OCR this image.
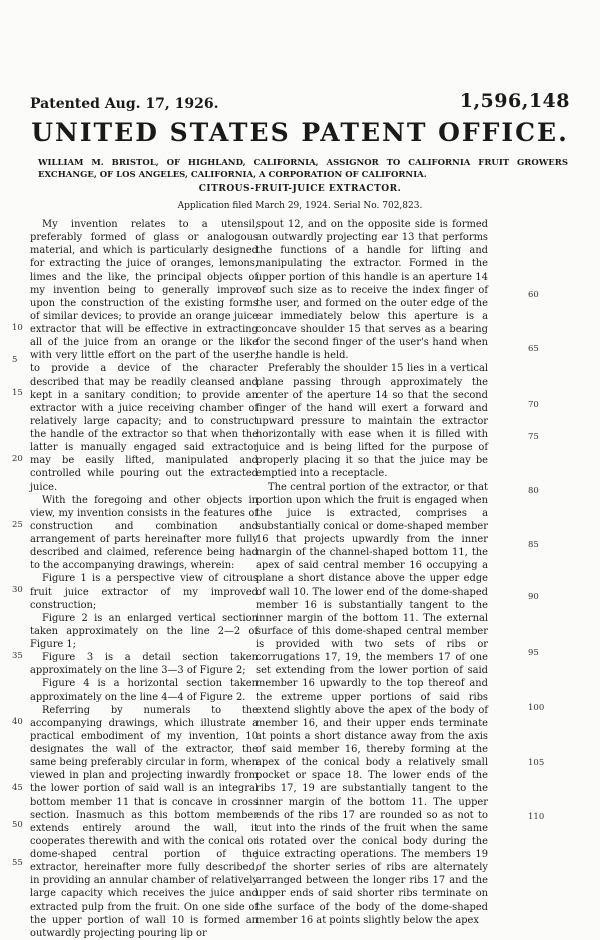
Patented Aug. 17, 1926.	1,596,148
UNITED STATES PATENT OFFICE.
WILLIAM M. BRISTOL, OF HIGHLAND, CALIFORNIA, ASSIGNOR TO CALIFORNIA FRUIT GROWERS EXCHANGE, OF LOS ANGELES, CALIFORNIA, A CORPORATION OF CALIFORNIA.
CITROUS-FRUIT-JUICE EXTRACTOR.
Application filed March 29, 1924. Serial No. 702,823.

My invention relates to a utensil, preferably formed of glass or analogous material, and which is particularly designed for extracting the juice of oranges, lemons, limes and the like, the principal objects of my invention being to generally improve upon the construction of the existing forms of similar devices; to provide an orange juice extractor that will be effective in extracting all of the juice from an orange or the like with very little effort on the part of the user; to provide a device of the character described that may be readily cleansed and kept in a sanitary condition; to provide an extractor with a juice receiving chamber of relatively large capacity; and to construct the handle of the extractor so that when the latter is manually engaged said extractor may be easily lifted, manipulated and controlled while pouring out the extracted juice.

With the foregoing and other objects in view, my invention consists in the features of construction and combination and arrangement of parts hereinafter more fully described and claimed, reference being had to the accompanying drawings, wherein:

Figure 1 is a perspective view of citrous fruit juice extractor of my improved construction;

Figure 2 is an enlarged vertical section taken approximately on the line 2—2 of Figure 1;

Figure 3 is a detail section taken approximately on the line 3—3 of Figure 2;

Figure 4 is a horizontal section taken approximately on the line 4—4 of Figure 2.

Referring by numerals to the accompanying drawings, which illustrate a practical embodiment of my invention, 10 designates the wall of the extractor, the same being preferably circular in form, when viewed in plan and projecting inwardly from the lower portion of said wall is an integral bottom member 11 that is concave in cross section. Inasmuch as this bottom member extends entirely around the wall, it cooperates therewith and with the conical or dome-shaped central portion of the extractor, hereinafter more fully described, in providing an annular chamber of relatively large capacity which receives the juice and extracted pulp from the fruit. On one side of the upper portion of wall 10 is formed an outwardly projecting pouring lip or

spout 12, and on the opposite side is formed an outwardly projecting ear 13 that performs the functions of a handle for lifting and manipulating the extractor. Formed in the upper portion of this handle is an aperture 14 of such size as to receive the index finger of the user, and formed on the outer edge of the ear immediately below this aperture is a concave shoulder 15 that serves as a bearing for the second finger of the user's hand when the handle is held.

Preferably the shoulder 15 lies in a vertical plane passing through approximately the center of the aperture 14 so that the second finger of the hand will exert a forward and upward pressure to maintain the extractor horizontally with ease when it is filled with juice and is being lifted for the purpose of properly placing it so that the juice may be emptied into a receptacle.

The central portion of the extractor, or that portion upon which the fruit is engaged when the juice is extracted, comprises a substantially conical or dome-shaped member 16 that projects upwardly from the inner margin of the channel-shaped bottom 11, the apex of said central member 16 occupying a plane a short distance above the upper edge of wall 10. The lower end of the dome-shaped member 16 is substantially tangent to the inner margin of the bottom 11. The external surface of this dome-shaped central member is provided with two sets of ribs or corrugations 17, 19, the members 17 of one set extending from the lower portion of said member 16 upwardly to the top thereof and the extreme upper portions of said ribs extend slightly above the apex of the body of member 16, and their upper ends terminate at points a short distance away from the axis of said member 16, thereby forming at the apex of the conical body a relatively small pocket or space 18. The lower ends of the ribs 17, 19 are substantially tangent to the inner margin of the bottom 11. The upper ends of the ribs 17 are rounded so as not to cut into the rinds of the fruit when the same is rotated over the conical body during the juice extracting operations. The members 19 of the shorter series of ribs are alternately arranged between the longer ribs 17 and the upper ends of said shorter ribs terminate on the surface of the body of the dome-shaped member 16 at points slightly below the apex

5
10
15
20
25
30
35
40
45
50
55
60
65
70
75
80
85
90
95
100
105
110
